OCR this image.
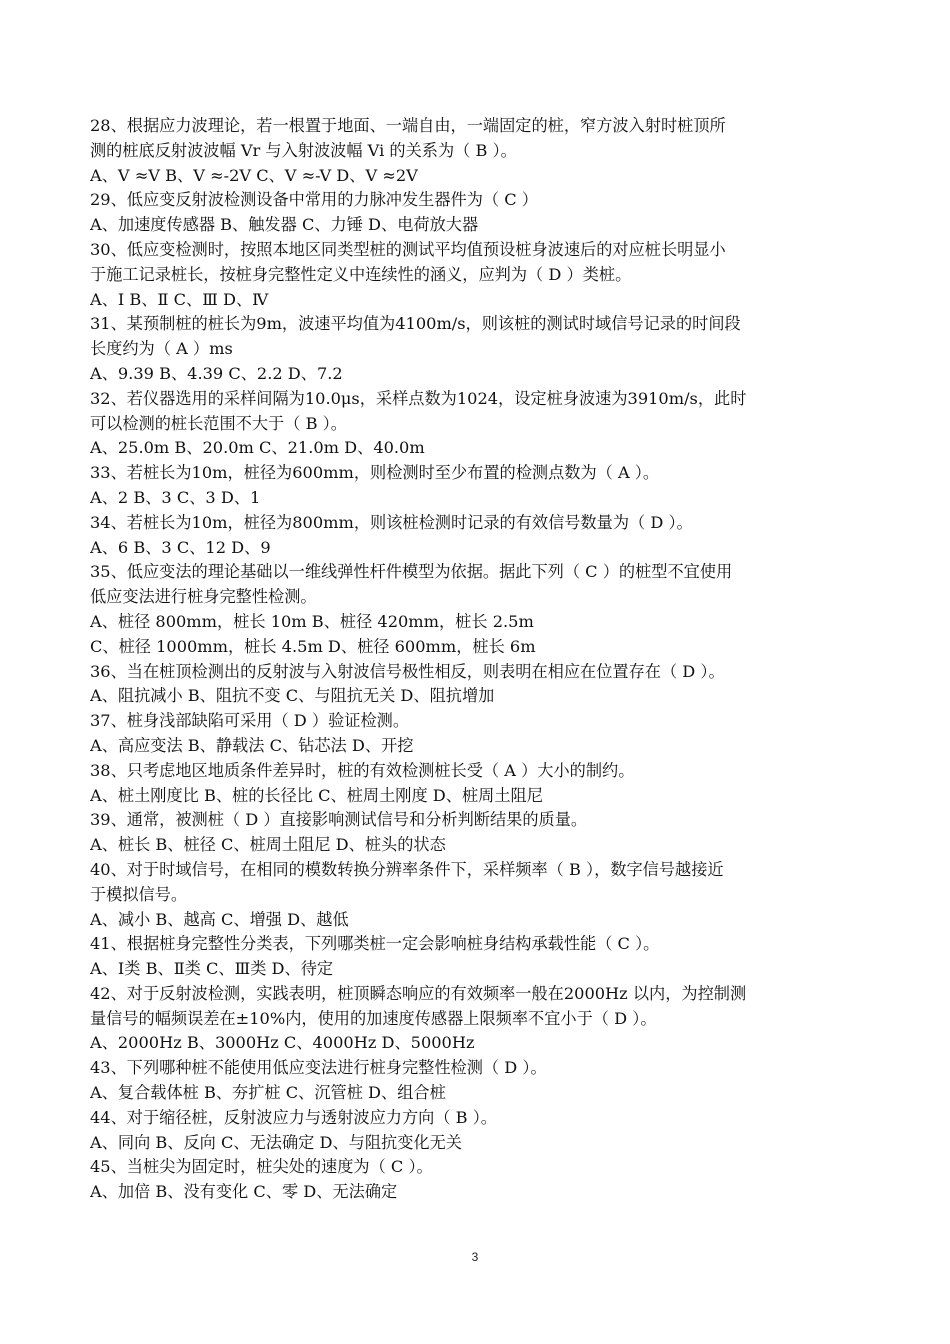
28、根据应力波理论，若一根置于地面、一端自由，一端固定的桩，窄方波入射时桩顶所
测的桩底反射波波幅 Vr 与入射波波幅 Vi 的关系为（ B ）。
A、V ≈V B、V ≈-2V C、V ≈-V D、V ≈2V
29、低应变反射波检测设备中常用的力脉冲发生器件为（ C ）
A、加速度传感器 B、触发器 C、力锤 D、电荷放大器
30、低应变检测时，按照本地区同类型桩的测试平均值预设桩身波速后的对应桩长明显小
于施工记录桩长，按桩身完整性定义中连续性的涵义，应判为（ D ）类桩。
A、Ⅰ B、Ⅱ C、Ⅲ D、Ⅳ
31、某预制桩的桩长为9m，波速平均值为4100m/s，则该桩的测试时域信号记录的时间段
长度约为（ A ）ms
A、9.39 B、4.39 C、2.2 D、7.2
32、若仪器选用的采样间隔为10.0μs，采样点数为1024，设定桩身波速为3910m/s，此时
可以检测的桩长范围不大于（ B ）。
A、25.0m B、20.0m C、21.0m D、40.0m
33、若桩长为10m，桩径为600mm，则检测时至少布置的检测点数为（ A ）。
A、2 B、3 C、3 D、1
34、若桩长为10m，桩径为800mm，则该桩检测时记录的有效信号数量为（ D ）。
A、6 B、3 C、12 D、9
35、低应变法的理论基础以一维线弹性杆件模型为依据。据此下列（ C ）的桩型不宜使用
低应变法进行桩身完整性检测。
A、桩径 800mm，桩长 10m B、桩径 420mm，桩长 2.5m
C、桩径 1000mm，桩长 4.5m D、桩径 600mm，桩长 6m
36、当在桩顶检测出的反射波与入射波信号极性相反，则表明在相应在位置存在（ D ）。
A、阻抗减小 B、阻抗不变 C、与阻抗无关 D、阻抗增加
37、桩身浅部缺陷可采用（ D ）验证检测。
A、高应变法 B、静载法 C、钻芯法 D、开挖
38、只考虑地区地质条件差异时，桩的有效检测桩长受（ A ）大小的制约。
A、桩土刚度比 B、桩的长径比 C、桩周土刚度 D、桩周土阻尼
39、通常，被测桩（ D ）直接影响测试信号和分析判断结果的质量。
A、桩长 B、桩径 C、桩周土阻尼 D、桩头的状态
40、对于时域信号，在相同的模数转换分辨率条件下，采样频率（ B ），数字信号越接近
于模拟信号。
A、减小 B、越高 C、增强 D、越低
41、根据桩身完整性分类表，下列哪类桩一定会影响桩身结构承载性能（ C ）。
A、Ⅰ类 B、Ⅱ类 C、Ⅲ类 D、待定
42、对于反射波检测，实践表明，桩顶瞬态响应的有效频率一般在2000Hz 以内，为控制测
量信号的幅频误差在±10%内，使用的加速度传感器上限频率不宜小于（ D ）。
A、2000Hz B、3000Hz C、4000Hz D、5000Hz
43、下列哪种桩不能使用低应变法进行桩身完整性检测（ D ）。
A、复合载体桩 B、夯扩桩 C、沉管桩 D、组合桩
44、对于缩径桩，反射波应力与透射波应力方向（ B ）。
A、同向 B、反向 C、无法确定 D、与阻抗变化无关
45、当桩尖为固定时，桩尖处的速度为（ C ）。
A、加倍 B、没有变化 C、零 D、无法确定
3
